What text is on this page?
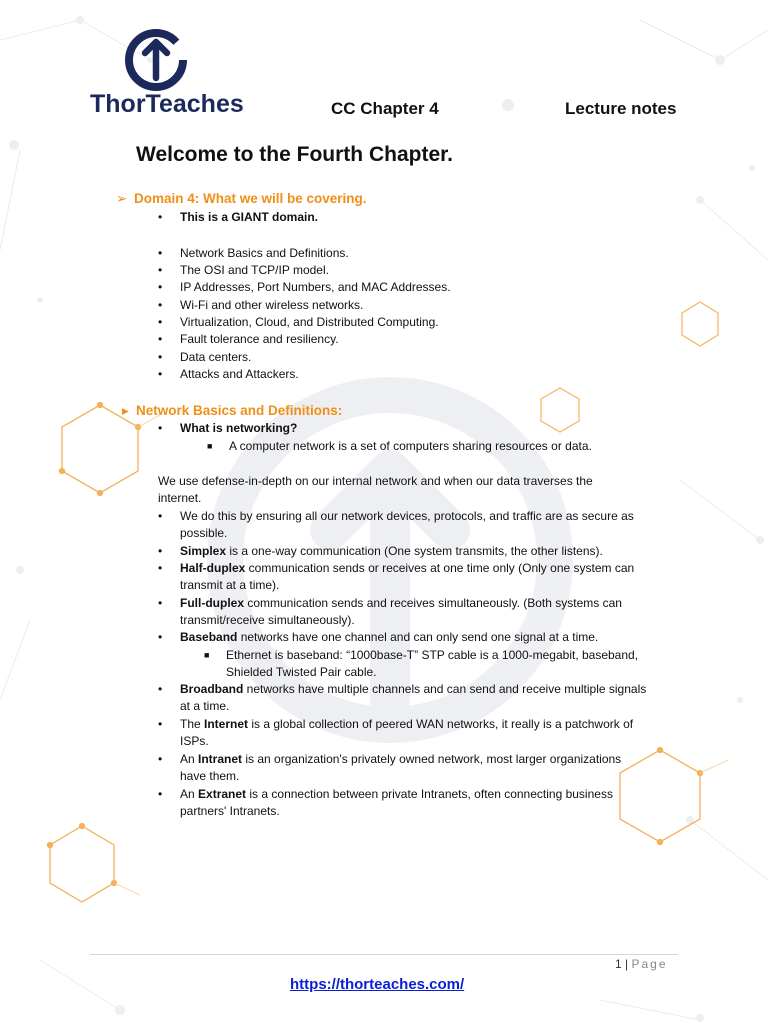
ThorTeaches	CC Chapter 4	Lecture notes
Welcome to the Fourth Chapter.
➢ Domain 4: What we will be covering.
• This is a GIANT domain.
• Network Basics and Definitions.
• The OSI and TCP/IP model.
• IP Addresses, Port Numbers, and MAC Addresses.
• Wi-Fi and other wireless networks.
• Virtualization, Cloud, and Distributed Computing.
• Fault tolerance and resiliency.
• Data centers.
• Attacks and Attackers.
▸ Network Basics and Definitions:
• What is networking?
■ A computer network is a set of computers sharing resources or data.
We use defense-in-depth on our internal network and when our data traverses the
internet.
• We do this by ensuring all our network devices, protocols, and traffic are as secure as
possible.
• Simplex is a one-way communication (One system transmits, the other listens).
• Half-duplex communication sends or receives at one time only (Only one system can
transmit at a time).
• Full-duplex communication sends and receives simultaneously. (Both systems can
transmit/receive simultaneously).
• Baseband networks have one channel and can only send one signal at a time.
■ Ethernet is baseband: “1000base-T” STP cable is a 1000-megabit, baseband,
Shielded Twisted Pair cable.
• Broadband networks have multiple channels and can send and receive multiple signals
at a time.
• The Internet is a global collection of peered WAN networks, it really is a patchwork of
ISPs.
• An Intranet is an organization's privately owned network, most larger organizations
have them.
• An Extranet is a connection between private Intranets, often connecting business
partners' Intranets.
1 | Page
https://thorteaches.com/
